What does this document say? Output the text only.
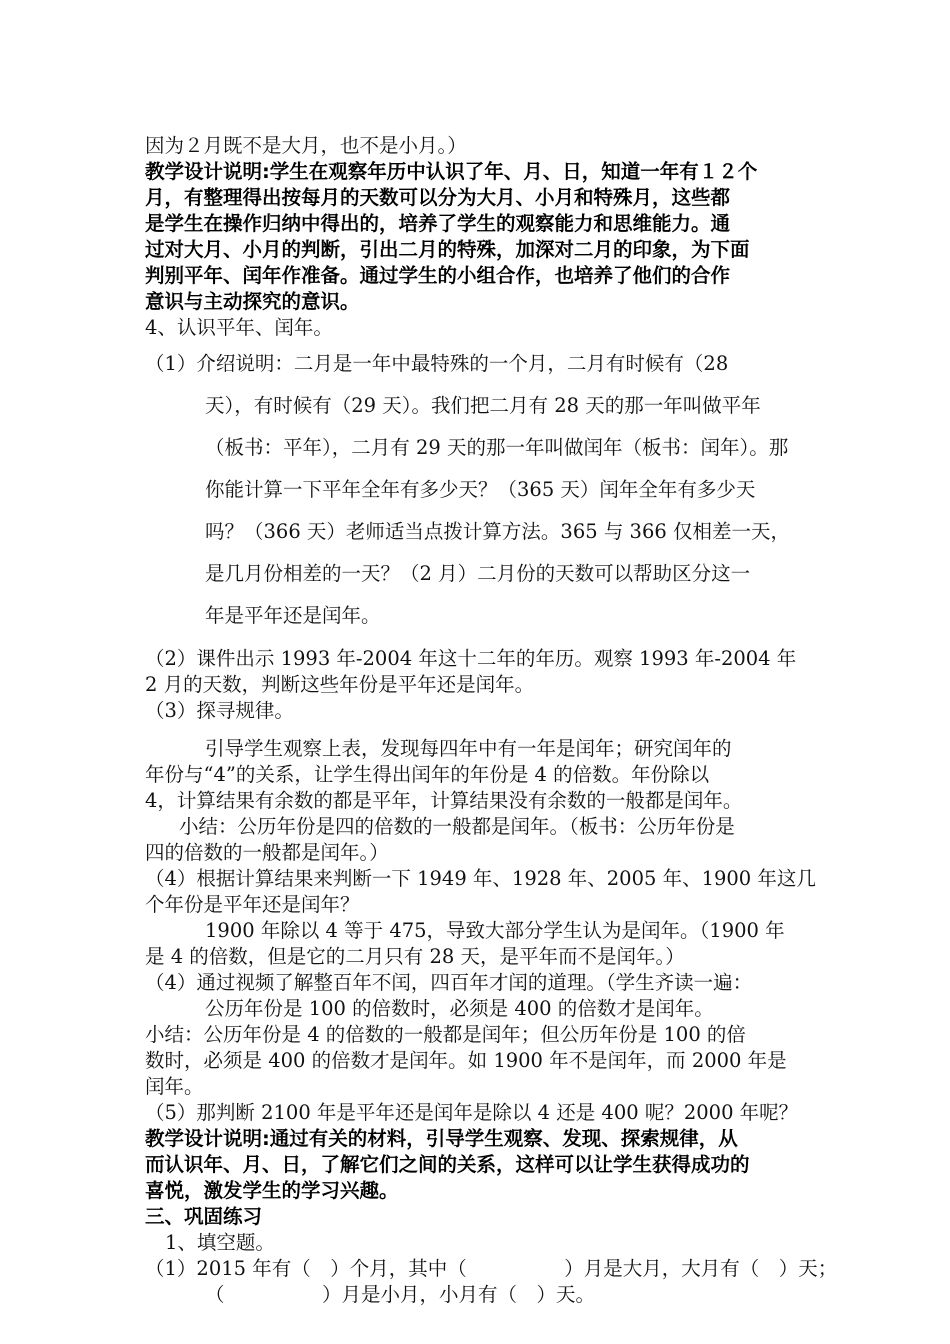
因为２月既不是大月，也不是小月。）
教学设计说明:学生在观察年历中认识了年、月、日，知道一年有１２个
月，有整理得出按每月的天数可以分为大月、小月和特殊月，这些都
是学生在操作归纳中得出的，培养了学生的观察能力和思维能力。通
过对大月、小月的判断，引出二月的特殊，加深对二月的印象，为下面
判别平年、闰年作准备。通过学生的小组合作，也培养了他们的合作
意识与主动探究的意识。
4、认识平年、闰年。
（1）介绍说明：二月是一年中最特殊的一个月，二月有时候有（28
天），有时候有（29 天）。我们把二月有 28 天的那一年叫做平年
（板书：平年），二月有 29 天的那一年叫做闰年（板书：闰年）。那
你能计算一下平年全年有多少天？（365 天）闰年全年有多少天
吗？（366 天）老师适当点拨计算方法。365 与 366 仅相差一天，
是几月份相差的一天？（2 月）二月份的天数可以帮助区分这一
年是平年还是闰年。
（2）课件出示 1993 年-2004 年这十二年的年历。观察 1993 年-2004 年
2 月的天数，判断这些年份是平年还是闰年。
（3）探寻规律。
引导学生观察上表，发现每四年中有一年是闰年；研究闰年的
年份与“4”的关系，让学生得出闰年的年份是 4 的倍数。年份除以
4，计算结果有余数的都是平年，计算结果没有余数的一般都是闰年。
小结：公历年份是四的倍数的一般都是闰年。（板书：公历年份是
四的倍数的一般都是闰年。）
（4）根据计算结果来判断一下 1949 年、1928 年、2005 年、1900 年这几
个年份是平年还是闰年？
1900 年除以 4 等于 475，导致大部分学生认为是闰年。（1900 年
是 4 的倍数，但是它的二月只有 28 天，是平年而不是闰年。）
（4）通过视频了解整百年不闰，四百年才闰的道理。（学生齐读一遍：
公历年份是 100 的倍数时，必须是 400 的倍数才是闰年。
小结：公历年份是 4 的倍数的一般都是闰年；但公历年份是 100 的倍
数时，必须是 400 的倍数才是闰年。如 1900 年不是闰年，而 2000 年是
闰年。
（5）那判断 2100 年是平年还是闰年是除以 4 还是 400 呢？2000 年呢？
教学设计说明:通过有关的材料，引导学生观察、发现、探索规律，从
而认识年、月、日，了解它们之间的关系，这样可以让学生获得成功的
喜悦，激发学生的学习兴趣。
三、巩固练习
1、填空题。
（1）2015 年有（　）个月，其中（　　　　　）月是大月，大月有（　）天；
（　　　　　）月是小月，小月有（　）天。
